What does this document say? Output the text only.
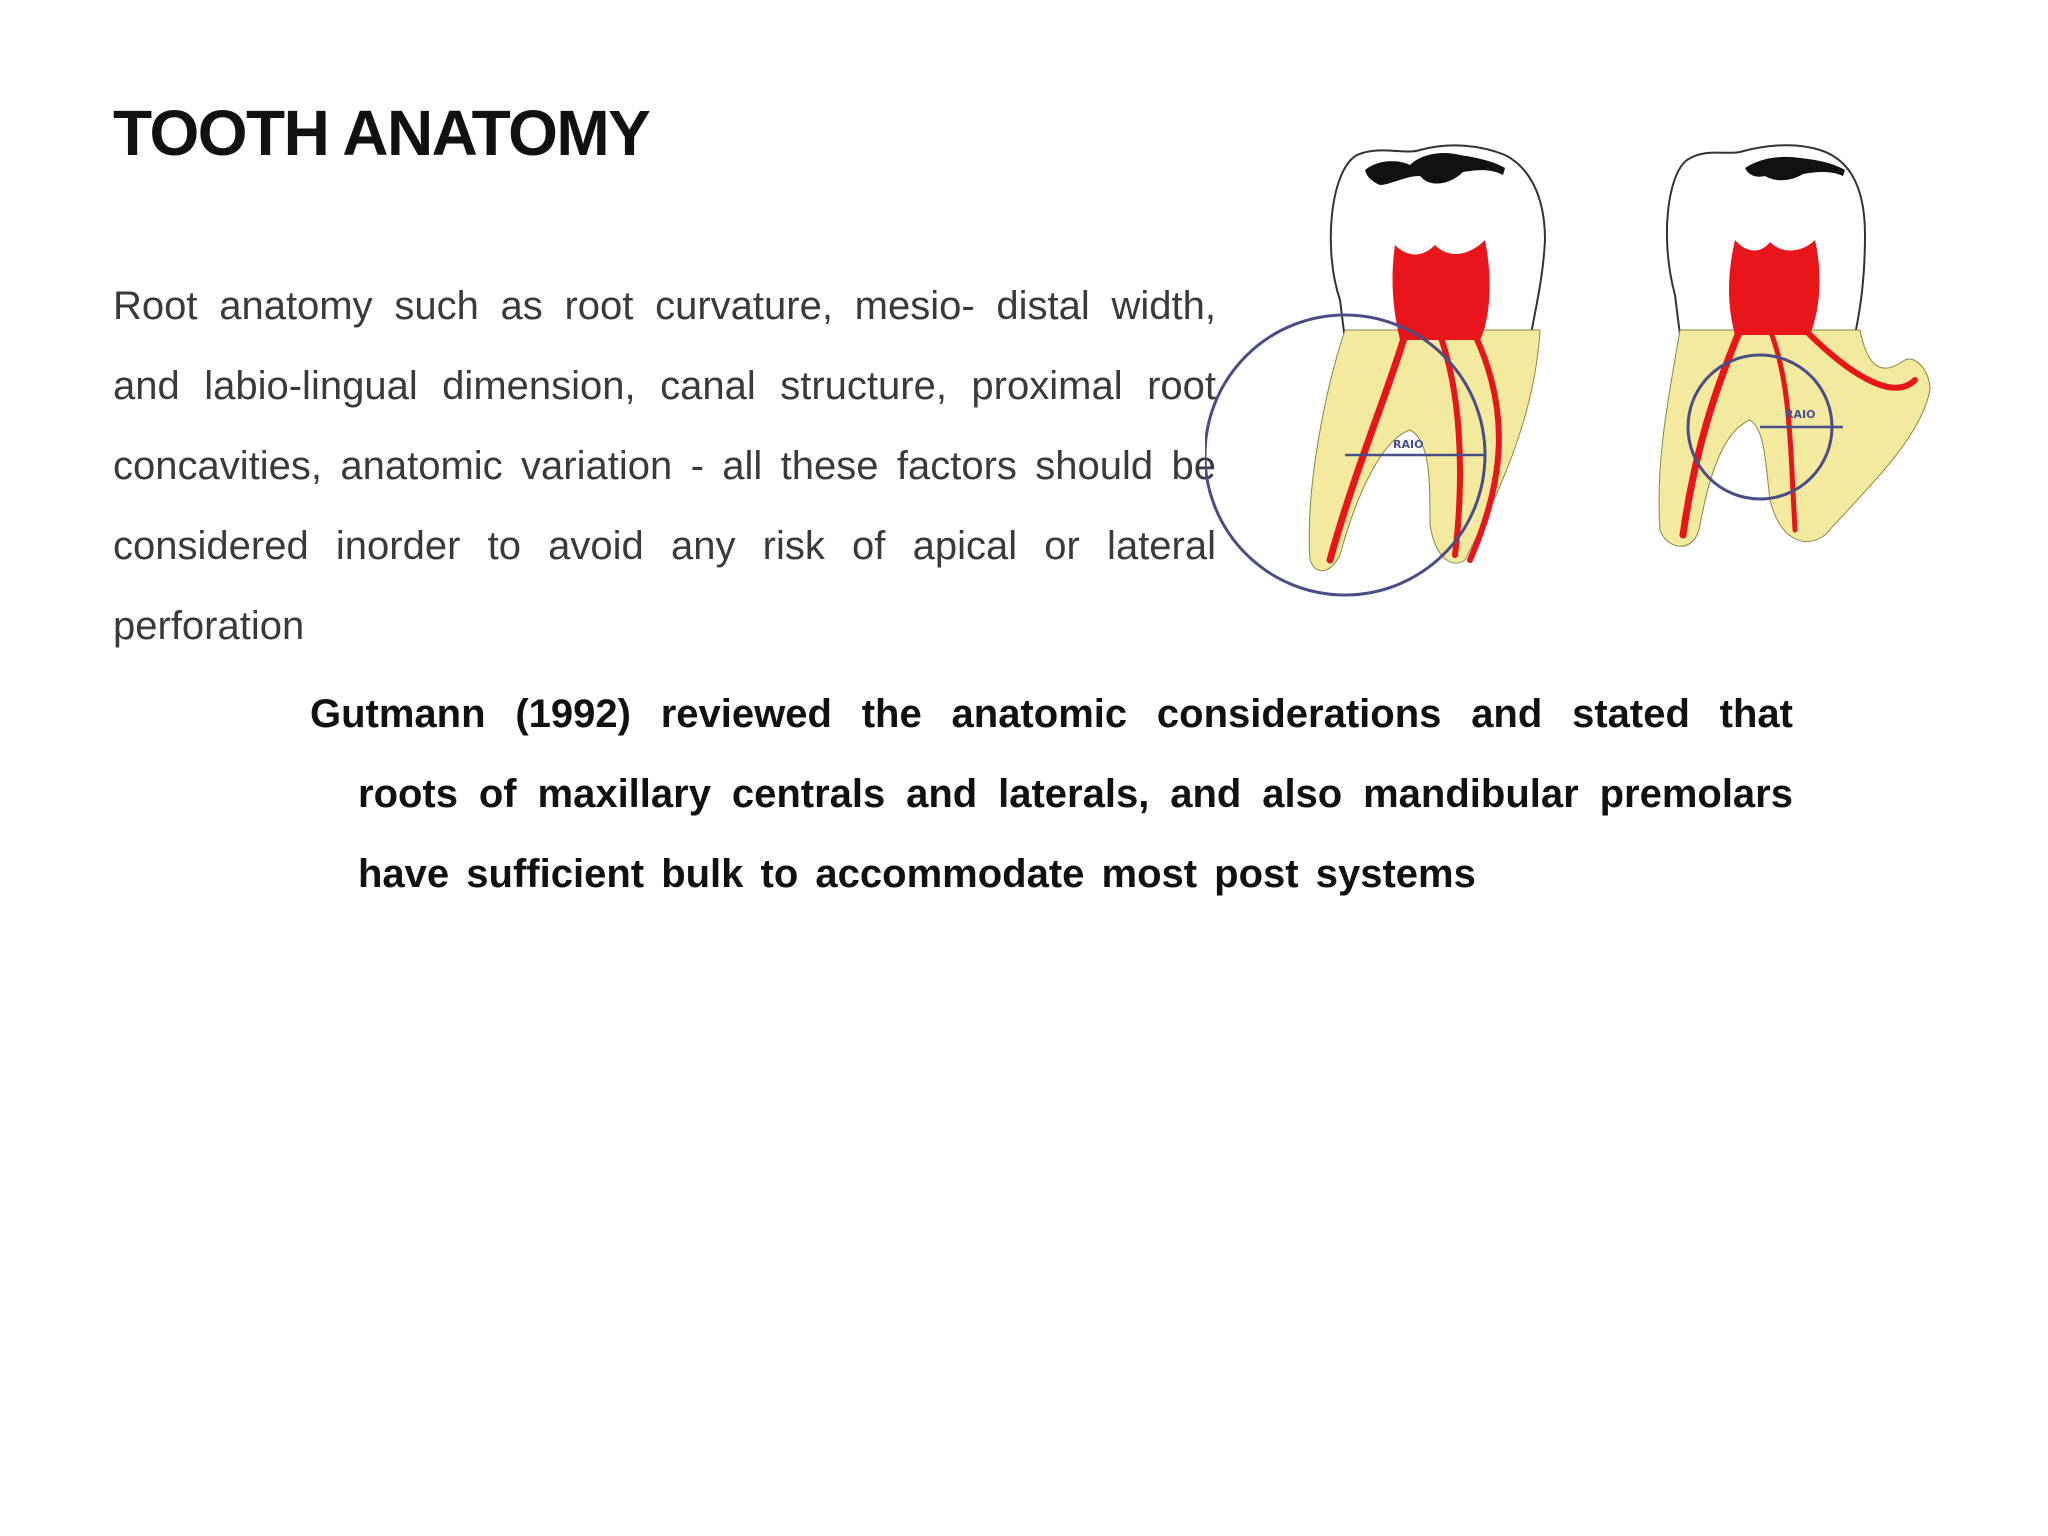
TOOTH ANATOMY

Root anatomy such as root curvature, mesio- distal width, and labio-lingual dimension, canal structure, proximal root concavities, anatomic variation - all these factors should be considered inorder to avoid any risk of apical or lateral perforation

Gutmann (1992) reviewed the anatomic considerations and stated that roots of maxillary centrals and laterals, and also mandibular premolars have sufficient bulk to accommodate most post systems

RAIO
RAIO
